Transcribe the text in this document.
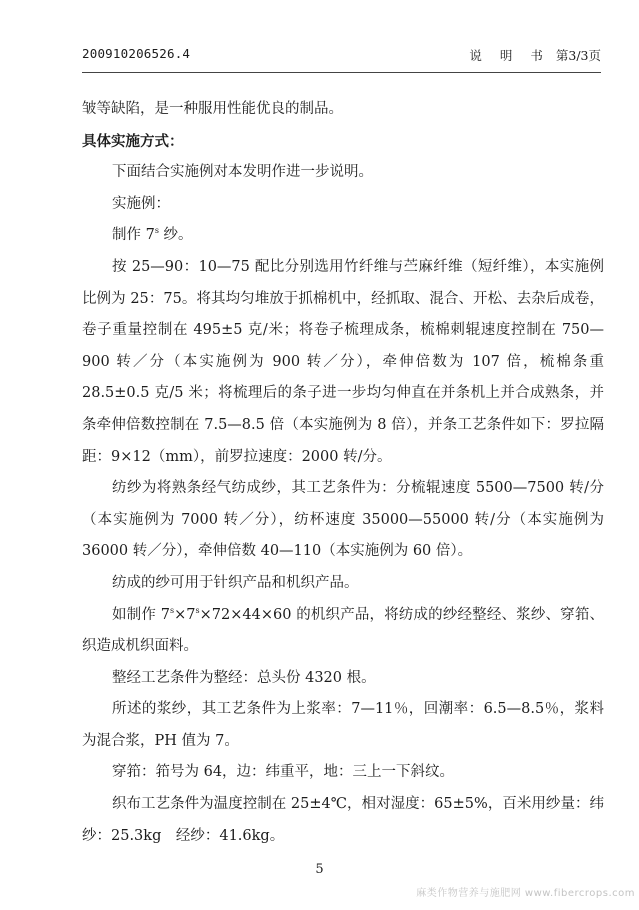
200910206526.4	说 明 书 第3/3页

皱等缺陷，是一种服用性能优良的制品。

具体实施方式：

下面结合实施例对本发明作进一步说明。

实施例：

制作 7$^s$ 纱。

按 25—90：10—75 配比分别选用竹纤维与苎麻纤维（短纤维），本实施例比例为 25：75。将其均匀堆放于抓棉机中，经抓取、混合、开松、去杂后成卷，卷子重量控制在 495±5 克/米；将卷子梳理成条，梳棉刺辊速度控制在 750—900 转／分（本实施例为 900 转／分），牵伸倍数为 107 倍，梳棉条重 28.5±0.5 克/5 米；将梳理后的条子进一步均匀伸直在并条机上并合成熟条，并条牵伸倍数控制在 7.5—8.5 倍（本实施例为 8 倍），并条工艺条件如下：罗拉隔距：9×12（mm），前罗拉速度：2000 转/分。

纺纱为将熟条经气纺成纱，其工艺条件为：分梳辊速度 5500—7500 转/分（本实施例为 7000 转／分），纺杯速度 35000—55000 转/分（本实施例为 36000 转／分），牵伸倍数 40—110（本实施例为 60 倍）。

纺成的纱可用于针织产品和机织产品。

如制作 $7^s\times 7^s\times 72\times 44\times 60$ 的机织产品，将纺成的纱经整经、浆纱、穿筘、织造成机织面料。

整经工艺条件为整经：总头份 4320 根。

所述的浆纱，其工艺条件为上浆率：7—11％，回潮率：6.5—8.5％，浆料为混合浆，PH 值为 7。

穿筘：筘号为 64，边：纬重平，地：三上一下斜纹。

织布工艺条件为温度控制在 25±4℃，相对湿度：65±5%，百米用纱量：纬纱：25.3kg　经纱：41.6kg。

5
麻类作物营养与施肥网 www.fibercrops.com
